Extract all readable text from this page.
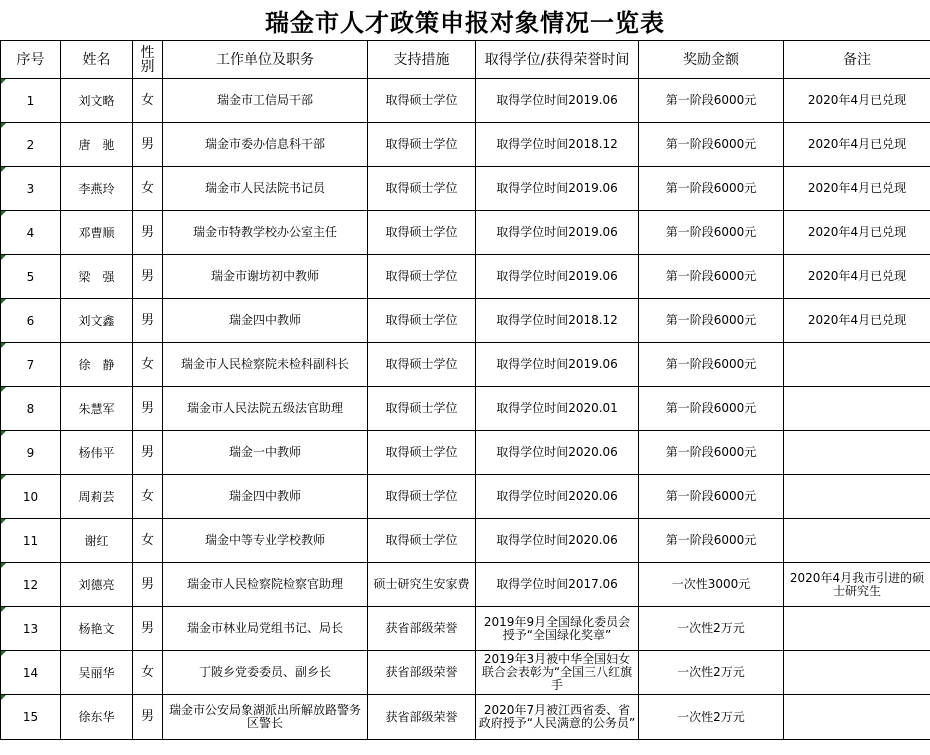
瑞金市人才政策申报对象情况一览表
序号	姓名	性别	工作单位及职务	支持措施	取得学位/获得荣誉时间	奖励金额	备注
1	刘文略	女	瑞金市工信局干部	取得硕士学位	取得学位时间2019.06	第一阶段6000元	2020年4月已兑现
2	唐　驰	男	瑞金市委办信息科干部	取得硕士学位	取得学位时间2018.12	第一阶段6000元	2020年4月已兑现
3	李燕玲	女	瑞金市人民法院书记员	取得硕士学位	取得学位时间2019.06	第一阶段6000元	2020年4月已兑现
4	邓曹顺	男	瑞金市特教学校办公室主任	取得硕士学位	取得学位时间2019.06	第一阶段6000元	2020年4月已兑现
5	梁　强	男	瑞金市谢坊初中教师	取得硕士学位	取得学位时间2019.06	第一阶段6000元	2020年4月已兑现
6	刘文鑫	男	瑞金四中教师	取得硕士学位	取得学位时间2018.12	第一阶段6000元	2020年4月已兑现
7	徐　静	女	瑞金市人民检察院未检科副科长	取得硕士学位	取得学位时间2019.06	第一阶段6000元	
8	朱慧军	男	瑞金市人民法院五级法官助理	取得硕士学位	取得学位时间2020.01	第一阶段6000元	
9	杨伟平	男	瑞金一中教师	取得硕士学位	取得学位时间2020.06	第一阶段6000元	
10	周莉芸	女	瑞金四中教师	取得硕士学位	取得学位时间2020.06	第一阶段6000元	
11	谢红	女	瑞金中等专业学校教师	取得硕士学位	取得学位时间2020.06	第一阶段6000元	
12	刘德亮	男	瑞金市人民检察院检察官助理	硕士研究生安家费	取得学位时间2017.06	一次性3000元	2020年4月我市引进的硕士研究生
13	杨艳文	男	瑞金市林业局党组书记、局长	获省部级荣誉	2019年9月全国绿化委员会授予“全国绿化奖章”	一次性2万元	
14	吴丽华	女	丁陂乡党委委员、副乡长	获省部级荣誉	2019年3月被中华全国妇女联合会表彰为“全国三八红旗手	一次性2万元	
15	徐东华	男	瑞金市公安局象湖派出所解放路警务区警长	获省部级荣誉	2020年7月被江西省委、省政府授予“人民满意的公务员”	一次性2万元	
